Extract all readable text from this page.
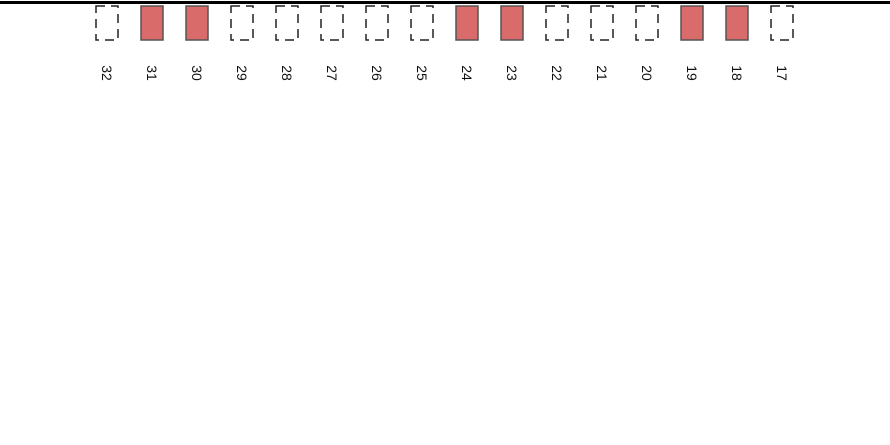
32 31 30 29 28 27 26 25 24 23 22 21 20 19 18 17
